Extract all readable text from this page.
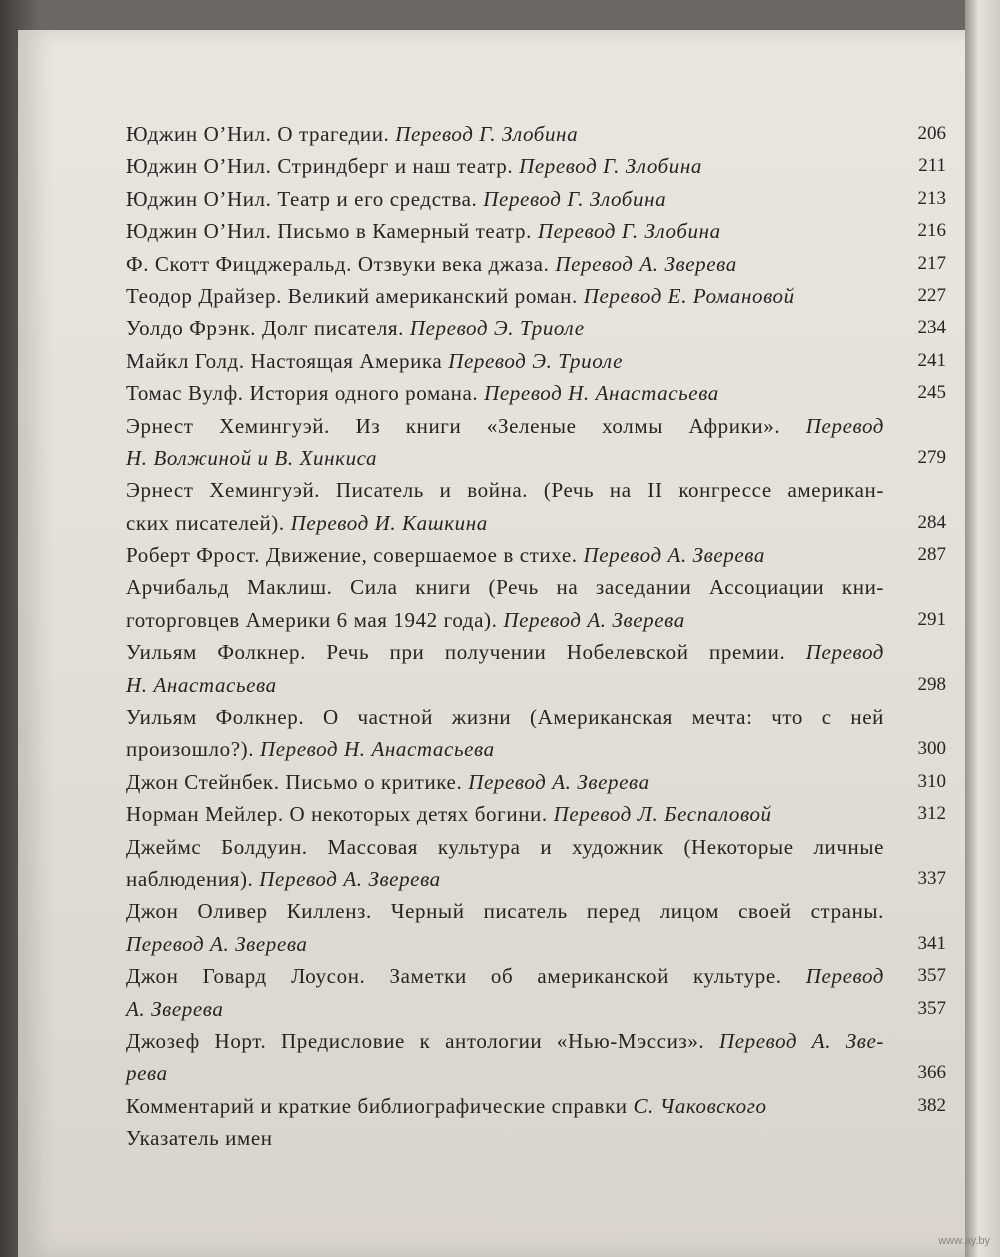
Юджин О’Нил. О трагедии. Перевод Г. Злобина	206
Юджин О’Нил. Стриндберг и наш театр. Перевод Г. Злобина	211
Юджин О’Нил. Театр и его средства. Перевод Г. Злобина	213
Юджин О’Нил. Письмо в Камерный театр. Перевод Г. Злобина	216
Ф. Скотт Фицджеральд. Отзвуки века джаза. Перевод А. Зверева	217
Теодор Драйзер. Великий американский роман. Перевод Е. Романовой	227
Уолдо Фрэнк. Долг писателя. Перевод Э. Триоле	234
Майкл Голд. Настоящая Америка Перевод Э. Триоле	241
Томас Вулф. История одного романа. Перевод Н. Анастасьева	245
Эрнест Хемингуэй. Из книги «Зеленые холмы Африки». Перевод
Н. Волжиной и В. Хинкиса	279
Эрнест Хемингуэй. Писатель и война. (Речь на II конгрессе американ-
ских писателей). Перевод И. Кашкина	284
Роберт Фрост. Движение, совершаемое в стихе. Перевод А. Зверева	287
Арчибальд Маклиш. Сила книги (Речь на заседании Ассоциации кни-
готорговцев Америки 6 мая 1942 года). Перевод А. Зверева	291
Уильям Фолкнер. Речь при получении Нобелевской премии. Перевод
Н. Анастасьева	298
Уильям Фолкнер. О частной жизни (Американская мечта: что с ней
произошло?). Перевод Н. Анастасьева	300
Джон Стейнбек. Письмо о критике. Перевод А. Зверева	310
Норман Мейлер. О некоторых детях богини. Перевод Л. Беспаловой	312
Джеймс Болдуин. Массовая культура и художник (Некоторые личные
наблюдения). Перевод А. Зверева	337
Джон Оливер Килленз. Черный писатель перед лицом своей страны.
Перевод А. Зверева	341
Джон Говард Лоусон. Заметки об американской культуре. Перевод 357
А. Зверева	357
Джозеф Норт. Предисловие к антологии «Нью-Мэссиз». Перевод А. Зве-
рева	366
Комментарий и краткие библиографические справки С. Чаковского	382
Указатель имен
www.ay.by
